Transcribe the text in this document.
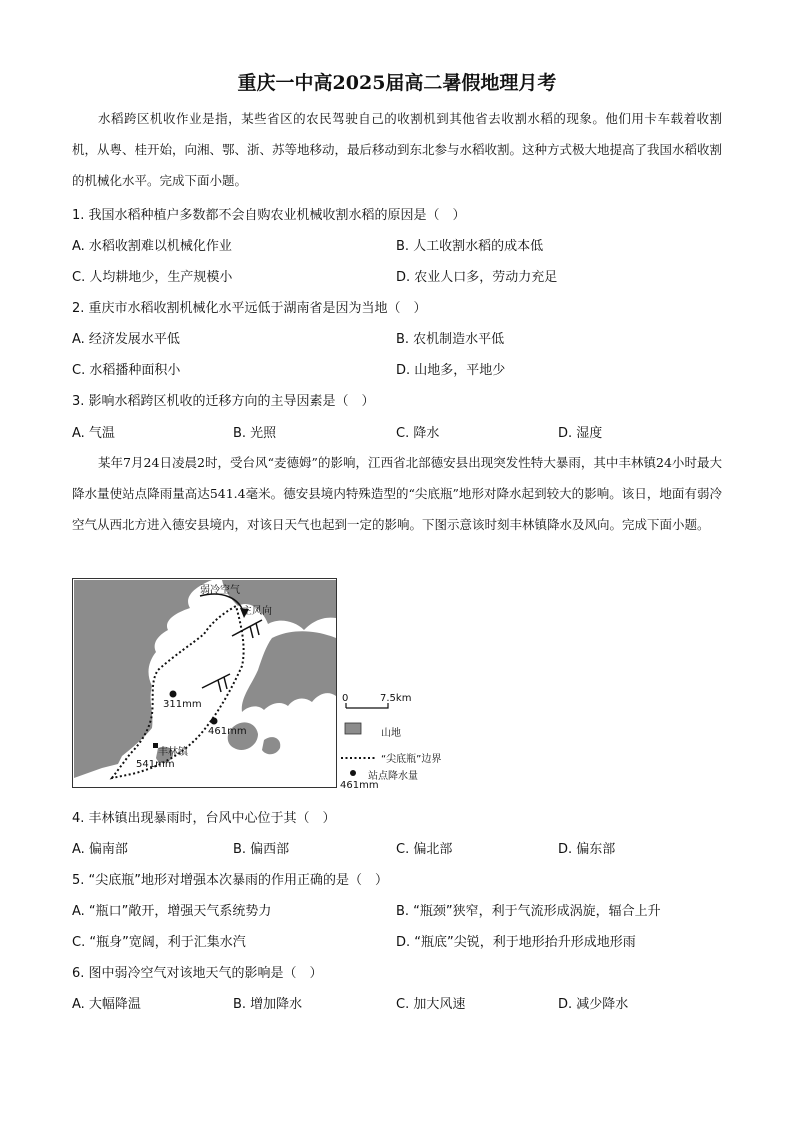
重庆一中高2025届高二暑假地理月考

水稻跨区机收作业是指，某些省区的农民驾驶自己的收割机到其他省去收割水稻的现象。他们用卡车载着收割机，从粤、桂开始，向湘、鄂、浙、苏等地移动，最后移动到东北参与水稻收割。这种方式极大地提高了我国水稻收割的机械化水平。完成下面小题。

1. 我国水稻种植户多数都不会自购农业机械收割水稻的原因是（　）
A. 水稻收割难以机械化作业	B. 人工收割水稻的成本低
C. 人均耕地少，生产规模小	D. 农业人口多，劳动力充足
2. 重庆市水稻收割机械化水平远低于湖南省是因为当地（　）
A. 经济发展水平低	B. 农机制造水平低
C. 水稻播种面积小	D. 山地多，平地少
3. 影响水稻跨区机收的迁移方向的主导因素是（　）
A. 气温	B. 光照	C. 降水	D. 湿度

某年7月24日凌晨2时，受台风“麦德姆”的影响，江西省北部德安县出现突发性特大暴雨，其中丰林镇24小时最大降水量使站点降雨量高达541.4毫米。德安县境内特殊造型的“尖底瓶”地形对降水起到较大的影响。该日，地面有弱冷空气从西北方进入德安县境内，对该日天气也起到一定的影响。下图示意该时刻丰林镇降水及风向。完成下面小题。

弱冷空气
主风向
311mm
461mm
丰林镇
541mm
0	7.5km
山地
“尖底瓶”边界
站点降水量
461mm
4. 丰林镇出现暴雨时，台风中心位于其（　）
A. 偏南部	B. 偏西部	C. 偏北部	D. 偏东部
5. “尖底瓶”地形对增强本次暴雨的作用正确的是（　）
A. “瓶口”敞开，增强天气系统势力	B. “瓶颈”狭窄，利于气流形成涡旋，辐合上升
C. “瓶身”宽阔，利于汇集水汽	D. “瓶底”尖锐，利于地形抬升形成地形雨
6. 图中弱冷空气对该地天气的影响是（　）
A. 大幅降温	B. 增加降水	C. 加大风速	D. 减少降水
